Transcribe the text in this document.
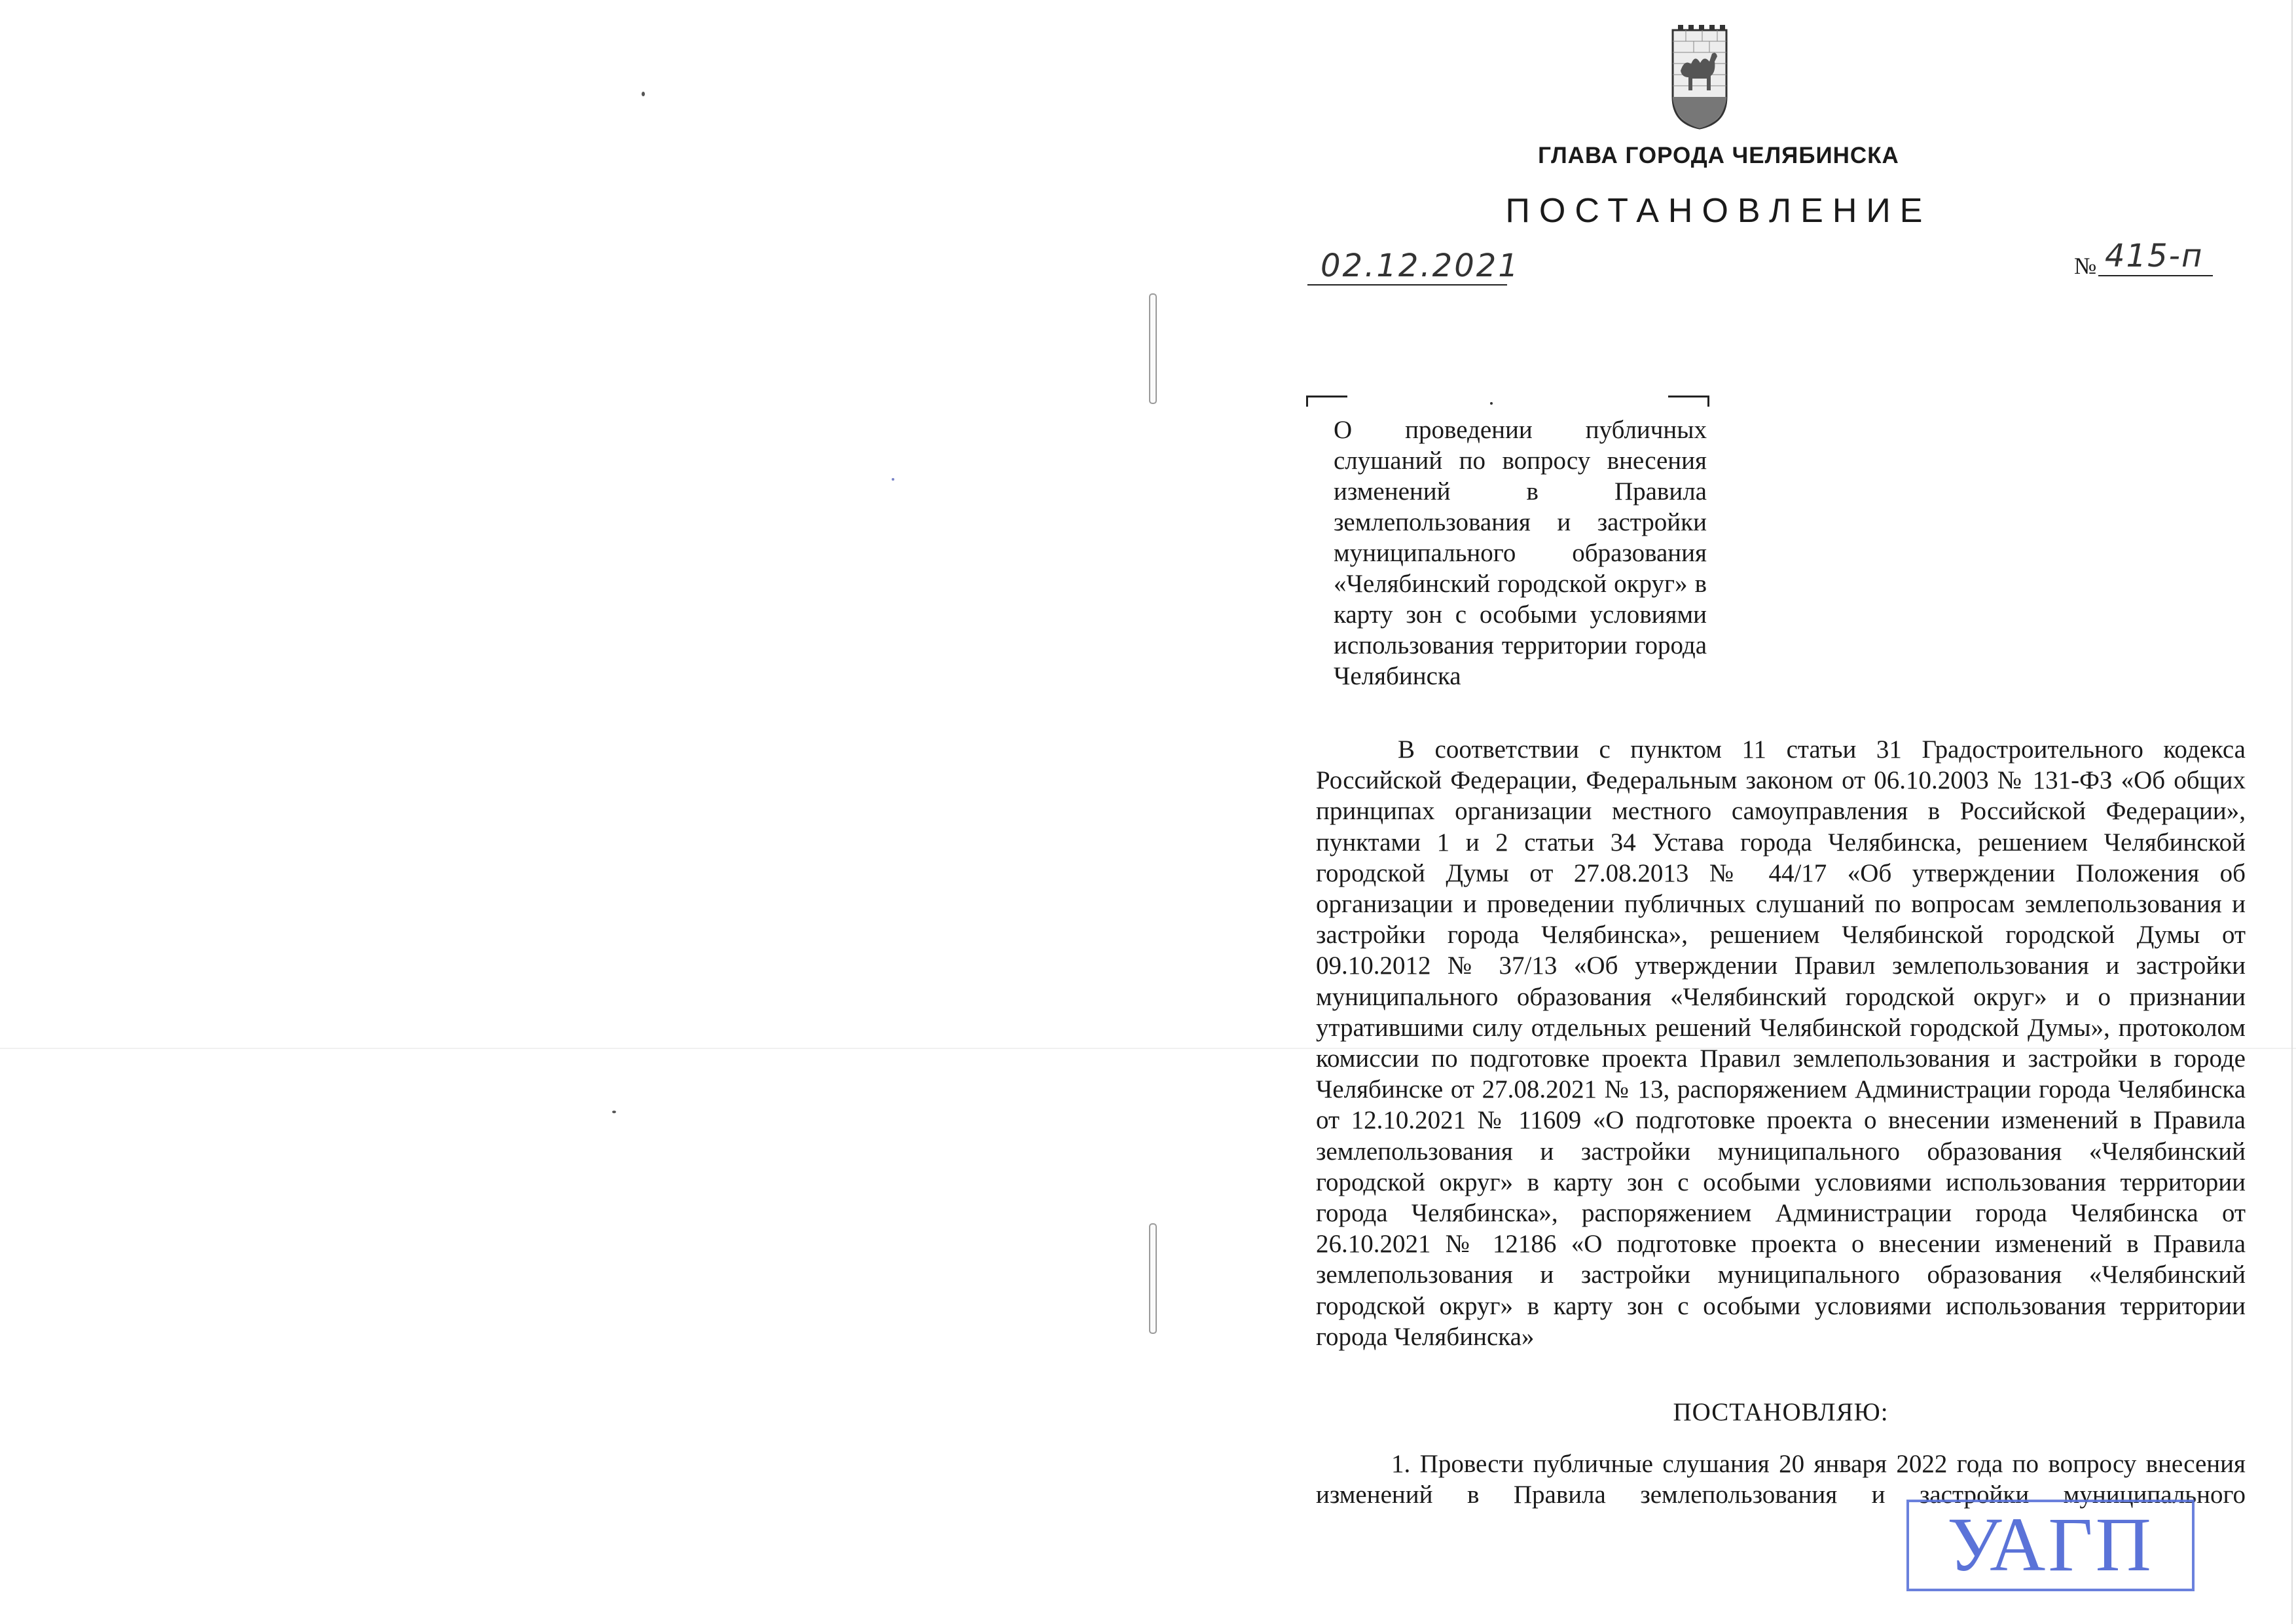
ГЛАВА ГОРОДА ЧЕЛЯБИНСКА
ПОСТАНОВЛЕНИЕ
02.12.2021	№ 415-п
О проведении публичных слушаний по вопросу внесения изменений в Правила землепользования и застройки муниципального образования «Челябинский городской округ» в карту зон с особыми условиями использования территории города Челябинска
В соответствии с пунктом 11 статьи 31 Градостроительного кодекса Российской Федерации, Федеральным законом от 06.10.2003 № 131-ФЗ «Об общих принципах организации местного самоуправления в Российской Федерации», пунктами 1 и 2 статьи 34 Устава города Челябинска, решением Челябинской городской Думы от 27.08.2013 № 44/17 «Об утверждении Положения об организации и проведении публичных слушаний по вопросам землепользования и застройки города Челябинска», решением Челябинской городской Думы от 09.10.2012 № 37/13 «Об утверждении Правил землепользования и застройки муниципального образования «Челябинский городской округ» и о признании утратившими силу отдельных решений Челябинской городской Думы», протоколом комиссии по подготовке проекта Правил землепользования и застройки в городе Челябинске от 27.08.2021 № 13, распоряжением Администрации города Челябинска от 12.10.2021 № 11609 «О подготовке проекта о внесении изменений в Правила землепользования и застройки муниципального образования «Челябинский городской округ» в карту зон с особыми условиями использования территории города Челябинска», распоряжением Администрации города Челябинска от 26.10.2021 № 12186 «О подготовке проекта о внесении изменений в Правила землепользования и застройки муниципального образования «Челябинский городской округ» в карту зон с особыми условиями использования территории города Челябинска»
ПОСТАНОВЛЯЮ:
1. Провести публичные слушания 20 января 2022 года по вопросу внесения изменений в Правила землепользования и застройки муниципального
УАГП
